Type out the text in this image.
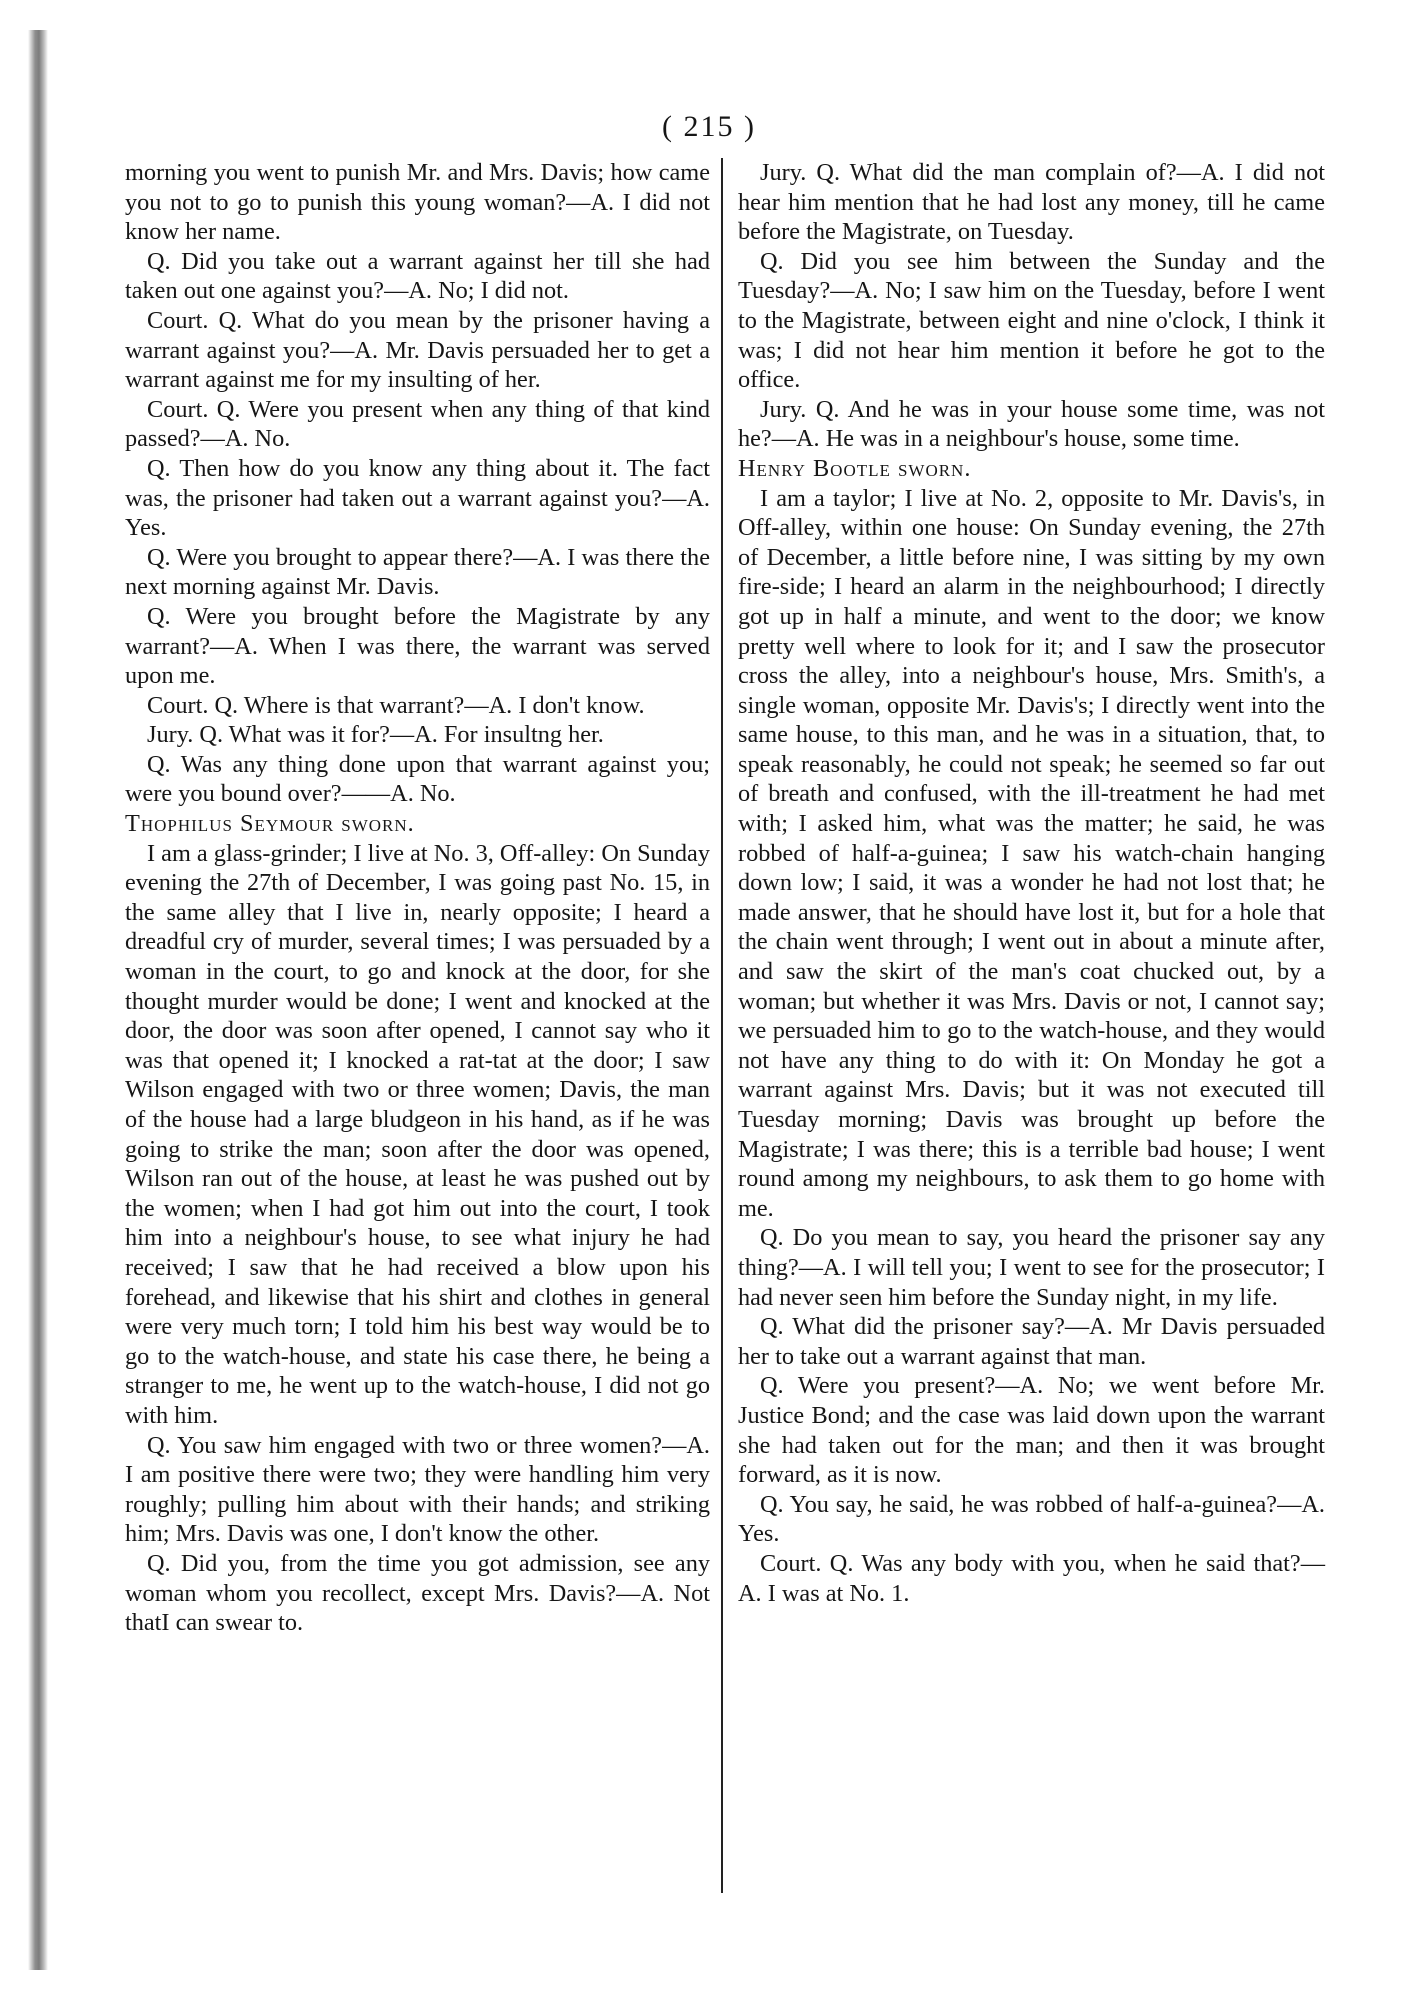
( 215 )

morning you went to punish Mr. and Mrs. Davis; how came you not to go to punish this young woman?—A. I did not know her name.

Q. Did you take out a warrant against her till she had taken out one against you?—A. No; I did not.

Court. Q. What do you mean by the prisoner having a warrant against you?—A. Mr. Davis persuaded her to get a warrant against me for my insulting of her.

Court. Q. Were you present when any thing of that kind passed?—A. No.

Q. Then how do you know any thing about it. The fact was, the prisoner had taken out a warrant against you?—A. Yes.

Q. Were you brought to appear there?—A. I was there the next morning against Mr. Davis.

Q. Were you brought before the Magistrate by any warrant?—A. When I was there, the warrant was served upon me.

Court. Q. Where is that warrant?—A. I don't know.

Jury. Q. What was it for?—A. For insultng her.

Q. Was any thing done upon that warrant against you; were you bound over?——A. No.

Thophilus Seymour sworn.

I am a glass-grinder; I live at No. 3, Off-alley: On Sunday evening the 27th of December, I was going past No. 15, in the same alley that I live in, nearly opposite; I heard a dreadful cry of murder, several times; I was persuaded by a woman in the court, to go and knock at the door, for she thought murder would be done; I went and knocked at the door, the door was soon after opened, I cannot say who it was that opened it; I knocked a rat-tat at the door; I saw Wilson engaged with two or three women; Davis, the man of the house had a large bludgeon in his hand, as if he was going to strike the man; soon after the door was opened, Wilson ran out of the house, at least he was pushed out by the women; when I had got him out into the court, I took him into a neighbour's house, to see what injury he had received; I saw that he had received a blow upon his forehead, and likewise that his shirt and clothes in general were very much torn; I told him his best way would be to go to the watch-house, and state his case there, he being a stranger to me, he went up to the watch-house, I did not go with him.

Q. You saw him engaged with two or three women?—A. I am positive there were two; they were handling him very roughly; pulling him about with their hands; and striking him; Mrs. Davis was one, I don't know the other.

Q. Did you, from the time you got admission, see any woman whom you recollect, except Mrs. Davis?—A. Not thatI can swear to.

Jury. Q. What did the man complain of?—A. I did not hear him mention that he had lost any money, till he came before the Magistrate, on Tuesday.

Q. Did you see him between the Sunday and the Tuesday?—A. No; I saw him on the Tuesday, before I went to the Magistrate, between eight and nine o'clock, I think it was; I did not hear him mention it before he got to the office.

Jury. Q. And he was in your house some time, was not he?—A. He was in a neighbour's house, some time.

Henry Bootle sworn.

I am a taylor; I live at No. 2, opposite to Mr. Davis's, in Off-alley, within one house: On Sunday evening, the 27th of December, a little before nine, I was sitting by my own fire-side; I heard an alarm in the neighbourhood; I directly got up in half a minute, and went to the door; we know pretty well where to look for it; and I saw the prosecutor cross the alley, into a neighbour's house, Mrs. Smith's, a single woman, opposite Mr. Davis's; I directly went into the same house, to this man, and he was in a situation, that, to speak reasonably, he could not speak; he seemed so far out of breath and confused, with the ill-treatment he had met with; I asked him, what was the matter; he said, he was robbed of half-a-guinea; I saw his watch-chain hanging down low; I said, it was a wonder he had not lost that; he made answer, that he should have lost it, but for a hole that the chain went through; I went out in about a minute after, and saw the skirt of the man's coat chucked out, by a woman; but whether it was Mrs. Davis or not, I cannot say; we persuaded him to go to the watch-house, and they would not have any thing to do with it: On Monday he got a warrant against Mrs. Davis; but it was not executed till Tuesday morning; Davis was brought up before the Magistrate; I was there; this is a terrible bad house; I went round among my neighbours, to ask them to go home with me.

Q. Do you mean to say, you heard the prisoner say any thing?—A. I will tell you; I went to see for the prosecutor; I had never seen him before the Sunday night, in my life.

Q. What did the prisoner say?—A. Mr Davis persuaded her to take out a warrant against that man.

Q. Were you present?—A. No; we went before Mr. Justice Bond; and the case was laid down upon the warrant she had taken out for the man; and then it was brought forward, as it is now.

Q. You say, he said, he was robbed of half-a-guinea?—A. Yes.

Court. Q. Was any body with you, when he said that?—A. I was at No. 1.
